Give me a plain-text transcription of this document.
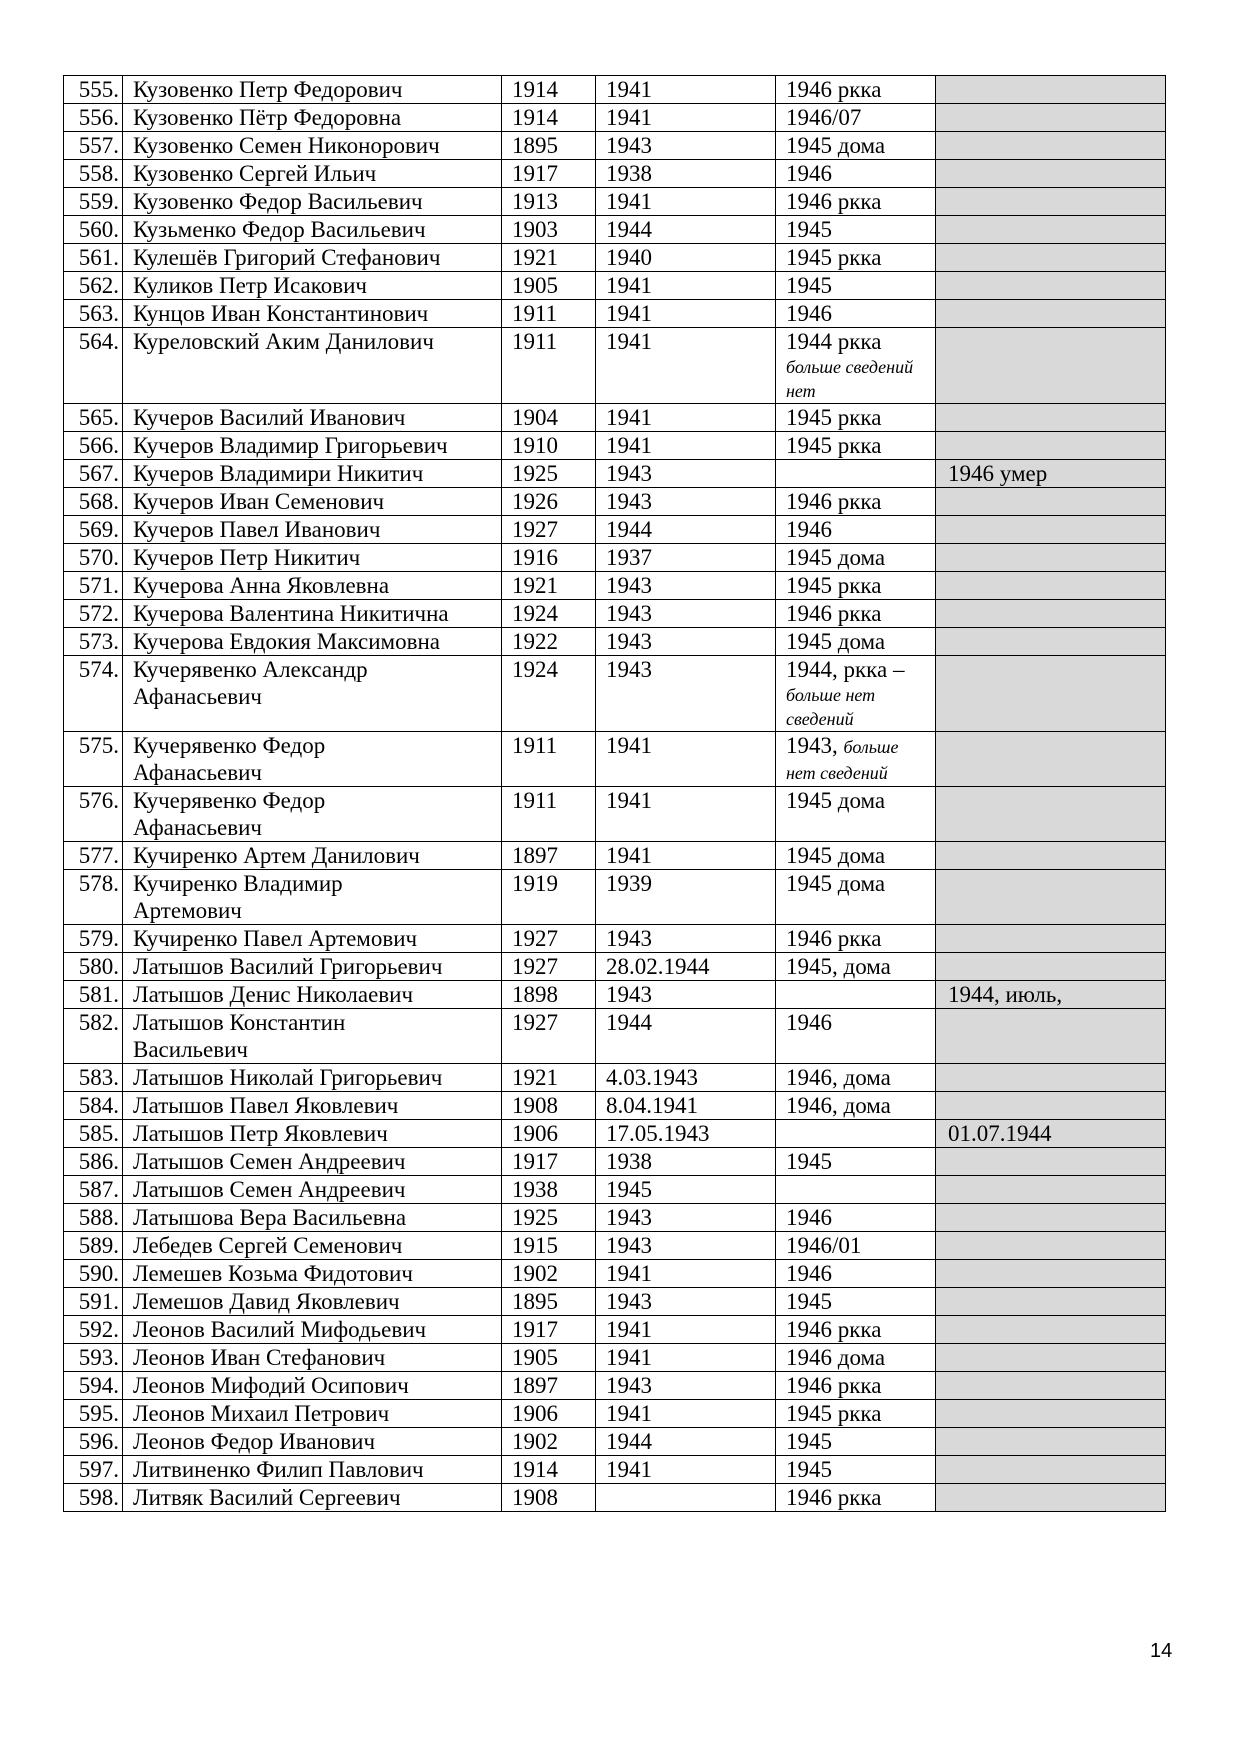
555.	Кузовенко Петр Федорович	1914	1941	1946 ркка	

556.	Кузовенко Пётр Федоровна	1914	1941	1946/07	

557.	Кузовенко Семен Никонорович	1895	1943	1945 дома	

558.	Кузовенко Сергей Ильич	1917	1938	1946	

559.	Кузовенко Федор Васильевич	1913	1941	1946 ркка	

560.	Кузьменко Федор Васильевич	1903	1944	1945	

561.	Кулешёв Григорий Стефанович	1921	1940	1945 ркка	

562.	Куликов Петр Исакович	1905	1941	1945	

563.	Кунцов Иван Константинович	1911	1941	1946	

564.	Куреловский Аким Данилович	1911	1941	1944 ркка
больше сведений нет	

565.	Кучеров Василий Иванович	1904	1941	1945 ркка	

566.	Кучеров Владимир Григорьевич	1910	1941	1945 ркка	

567.	Кучеров Владимири Никитич	1925	1943		1946 умер

568.	Кучеров Иван Семенович	1926	1943	1946 ркка	

569.	Кучеров Павел Иванович	1927	1944	1946	

570.	Кучеров Петр Никитич	1916	1937	1945 дома	

571.	Кучерова Анна Яковлевна	1921	1943	1945 ркка	

572.	Кучерова Валентина Никитична	1924	1943	1946 ркка	

573.	Кучерова Евдокия Максимовна	1922	1943	1945 дома	

574.	Кучерявенко Александр
Афанасьевич	1924	1943	1944, ркка –
больше нет сведений	

575.	Кучерявенко Федор
Афанасьевич	1911	1941	1943, больше
нет сведений	

576.	Кучерявенко Федор
Афанасьевич	1911	1941	1945 дома	

577.	Кучиренко Артем Данилович	1897	1941	1945 дома	

578.	Кучиренко Владимир
Артемович	1919	1939	1945 дома	

579.	Кучиренко Павел Артемович	1927	1943	1946 ркка	

580.	Латышов Василий Григорьевич	1927	28.02.1944	1945, дома	

581.	Латышов Денис Николаевич	1898	1943		1944, июль,

582.	Латышов Константин
Васильевич	1927	1944	1946	

583.	Латышов Николай Григорьевич	1921	4.03.1943	1946, дома	

584.	Латышов Павел Яковлевич	1908	8.04.1941	1946, дома	

585.	Латышов Петр Яковлевич	1906	17.05.1943		01.07.1944

586.	Латышов Семен Андреевич	1917	1938	1945	

587.	Латышов Семен Андреевич	1938	1945		

588.	Латышова Вера Васильевна	1925	1943	1946	

589.	Лебедев Сергей Семенович	1915	1943	1946/01	

590.	Лемешев Козьма Фидотович	1902	1941	1946	

591.	Лемешов Давид Яковлевич	1895	1943	1945	

592.	Леонов Василий Мифодьевич	1917	1941	1946 ркка	

593.	Леонов Иван Стефанович	1905	1941	1946 дома	

594.	Леонов Мифодий Осипович	1897	1943	1946 ркка	

595.	Леонов Михаил Петрович	1906	1941	1945 ркка	

596.	Леонов Федор Иванович	1902	1944	1945	

597.	Литвиненко Филип Павлович	1914	1941	1945	

598.	Литвяк Василий Сергеевич	1908		1946 ркка	
14
